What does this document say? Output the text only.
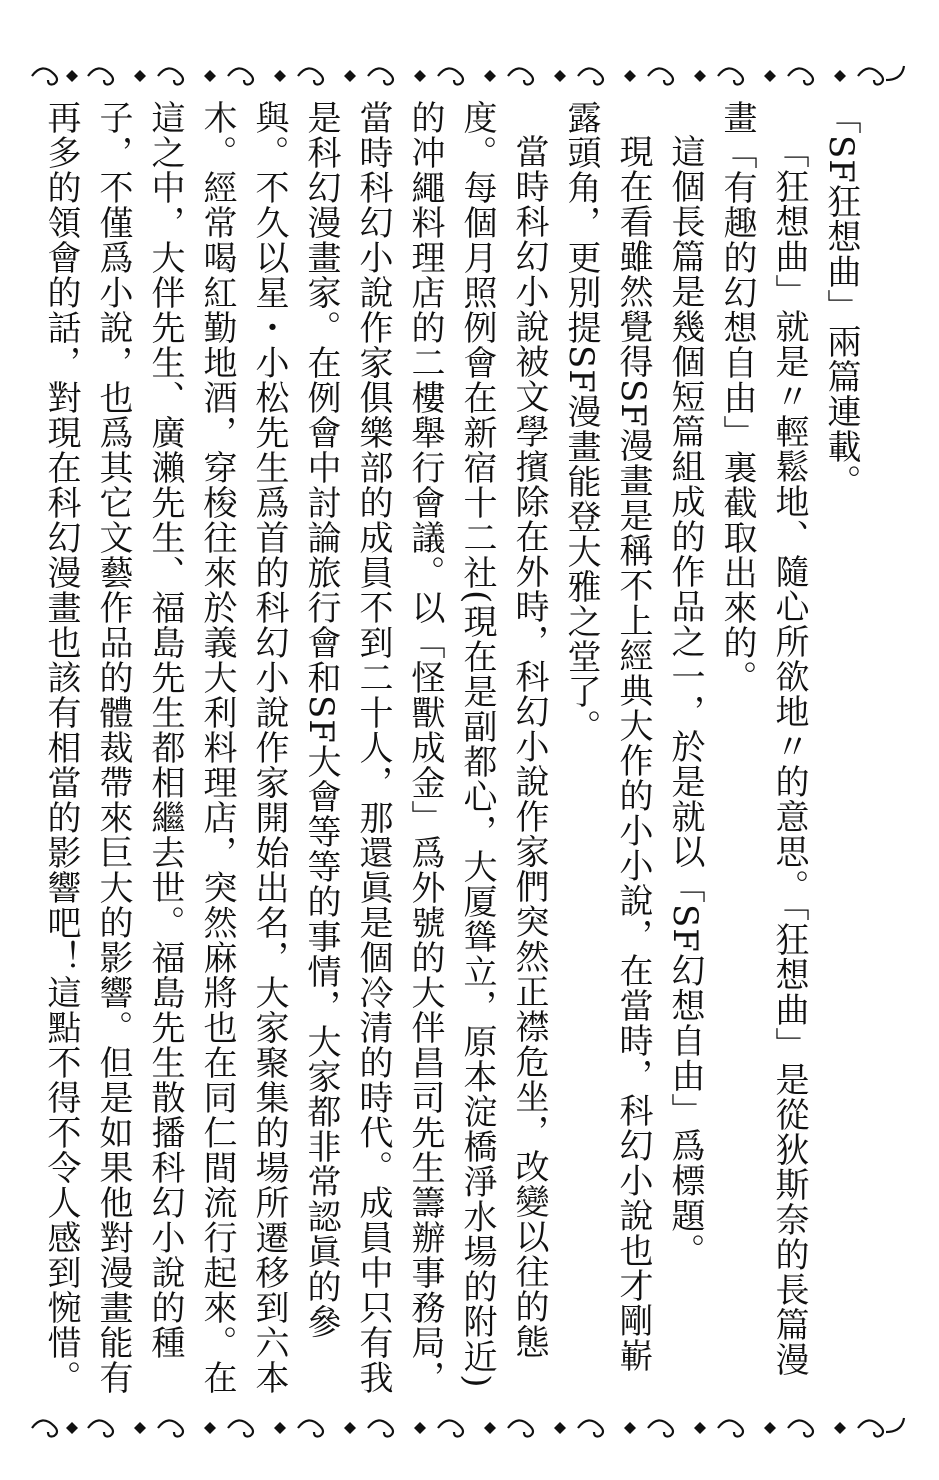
「SF狂想曲」兩篇連載。

「狂想曲」就是〃輕鬆地、隨心所欲地〃的意思。「狂想曲」是從狄斯奈的長篇漫畫「有趣的幻想自由」裏截取出來的。

這個長篇是幾個短篇組成的作品之一，於是就以「SF幻想自由」爲標題。

現在看雖然覺得SF漫畫是稱不上經典大作的小小說，在當時，科幻小說也才剛嶄露頭角，更別提SF漫畫能登大雅之堂了。

當時科幻小說被文學擯除在外時，科幻小說作家們突然正襟危坐，改變以往的態度。每個月照例會在新宿十二社(現在是副都心，大厦聳立，原本淀橋淨水場的附近)的冲繩料理店的二樓舉行會議。以「怪獸成金」爲外號的大伴昌司先生籌辦事務局，當時科幻小說作家俱樂部的成員不到二十人，那還眞是個冷清的時代。成員中只有我是科幻漫畫家。在例會中討論旅行會和SF大會等等的事情，大家都非常認眞的參與。不久以星・小松先生爲首的科幻小說作家開始出名，大家聚集的場所遷移到六本木。經常喝紅勤地酒，穿梭往來於義大利料理店，突然麻將也在同仁間流行起來。在這之中，大伴先生、廣瀨先生、福島先生都相繼去世。福島先生散播科幻小說的種子，不僅爲小說，也爲其它文藝作品的體裁帶來巨大的影響。但是如果他對漫畫能有再多的領會的話，對現在科幻漫畫也該有相當的影響吧！這點不得不令人感到惋惜。
